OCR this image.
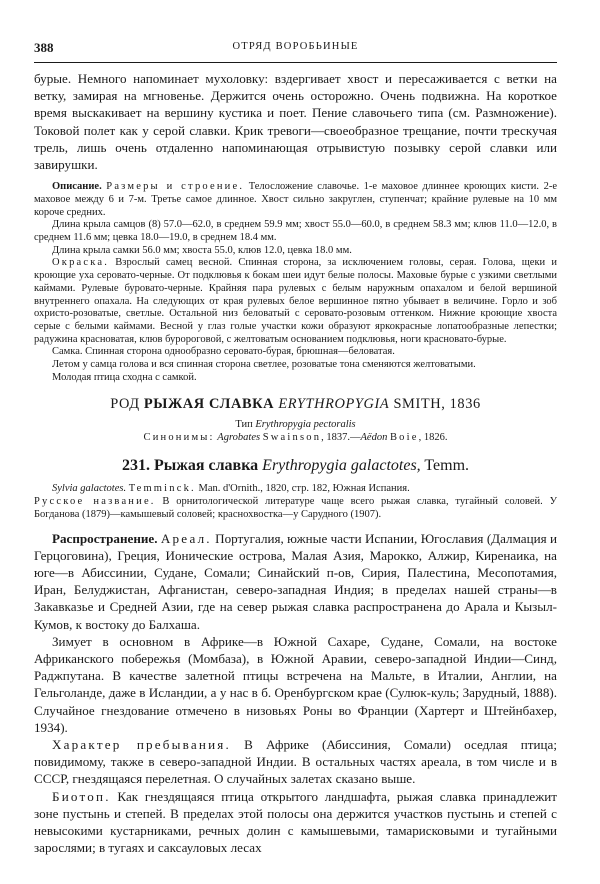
388	ОТРЯД ВОРОБЬИНЫЕ

бурые. Немного напоминает мухоловку: вздергивает хвост и пересаживается с ветки на ветку, замирая на мгновенье. Держится очень осторожно. Очень подвижна. На короткое время выскакивает на вершину кустика и поет. Пение славочьего типа (см. Размножение). Токовой полет как у серой славки. Крик тревоги—своеобразное трещание, почти трескучая трель, лишь очень отдаленно напоминающая отрывистую позывку серой славки или завирушки.

Описание. Размеры и строение. Телосложение славочье. 1-е маховое длиннее кроющих кисти. 2-е маховое между 6 и 7-м. Третье самое длинное. Хвост сильно закруглен, ступенчат; крайние рулевые на 10 мм короче средних.

Длина крыла самцов (8) 57.0—62.0, в среднем 59.9 мм; хвост 55.0—60.0, в среднем 58.3 мм; клюв 11.0—12.0, в среднем 11.6 мм; цевка 18.0—19.0, в среднем 18.4 мм.

Длина крыла самки 56.0 мм; хвоста 55.0, клюв 12.0, цевка 18.0 мм.

Окраска. Взрослый самец весной. Спинная сторона, за исключением головы, серая. Голова, щеки и кроющие уха серовато-черные. От подклювья к бокам шеи идут белые полосы. Маховые бурые с узкими светлыми каймами. Рулевые буровато-черные. Крайняя пара рулевых с белым наружным опахалом и белой вершиной внутреннего опахала. На следующих от края рулевых белое вершинное пятно убывает в величине. Горло и зоб охристо-розоватые, светлые. Остальной низ беловатый с серовато-розовым оттенком. Нижние кроющие хвоста серые с белыми каймами. Весной у глаз голые участки кожи образуют яркокрасные лопатообразные лепестки; радужина красноватая, клюв буророговой, с желтоватым основанием подклювья, ноги красновато-бурые.

Самка. Спинная сторона однообразно серовато-бурая, брюшная—беловатая.

Летом у самца голова и вся спинная сторона светлее, розоватые тона сменяются желтоватыми.

Молодая птица сходна с самкой.

РОД РЫЖАЯ СЛАВКА ERYTHROPYGIA SMITH, 1836
Тип Erythropygia pectoralis
Синонимы: Agrobates Swainson, 1837.—Aëdon Boie, 1826.
231. Рыжая славка Erythropygia galactotes, Temm.

Sylvia galactotes. Temminck. Man. d'Ornith., 1820, стр. 182, Южная Испания.

Русское название. В орнитологической литературе чаще всего рыжая славка, тугайный соловей. У Богданова (1879)—камышевый соловей; краснохвостка—у Сарудного (1907).

Распространение. Ареал. Португалия, южные части Испании, Югославия (Далмация и Герцоговина), Греция, Ионические острова, Малая Азия, Марокко, Алжир, Киренаика, на юге—в Абиссинии, Судане, Сомали; Синайский п-ов, Сирия, Палестина, Месопотамия, Иран, Белуджистан, Афганистан, северо-западная Индия; в пределах нашей страны—в Закавказье и Средней Азии, где на север рыжая славка распространена до Арала и Кызыл-Кумов, к востоку до Балхаша.

Зимует в основном в Африке—в Южной Сахаре, Судане, Сомали, на востоке Африканского побережья (Момбаза), в Южной Аравии, северо-западной Индии—Синд, Раджпутана. В качестве залетной птицы встречена на Мальте, в Италии, Англии, на Гельголанде, даже в Исландии, а у нас в б. Оренбургском крае (Сулюк-куль; Зарудный, 1888). Случайное гнездование отмечено в низовьях Роны во Франции (Хартерт и Штейнбахер, 1934).

Характер пребывания. В Африке (Абиссиния, Сомали) оседлая птица; повидимому, также в северо-западной Индии. В остальных частях ареала, в том числе и в СССР, гнездящаяся перелетная. О случайных залетах сказано выше.

Биотоп. Как гнездящаяся птица открытого ландшафта, рыжая славка принадлежит зоне пустынь и степей. В пределах этой полосы она держится участков пустынь и степей с невысокими кустарниками, речных долин с камышевыми, тамарисковыми и тугайными зарослями; в тугаях и саксауловых лесах
